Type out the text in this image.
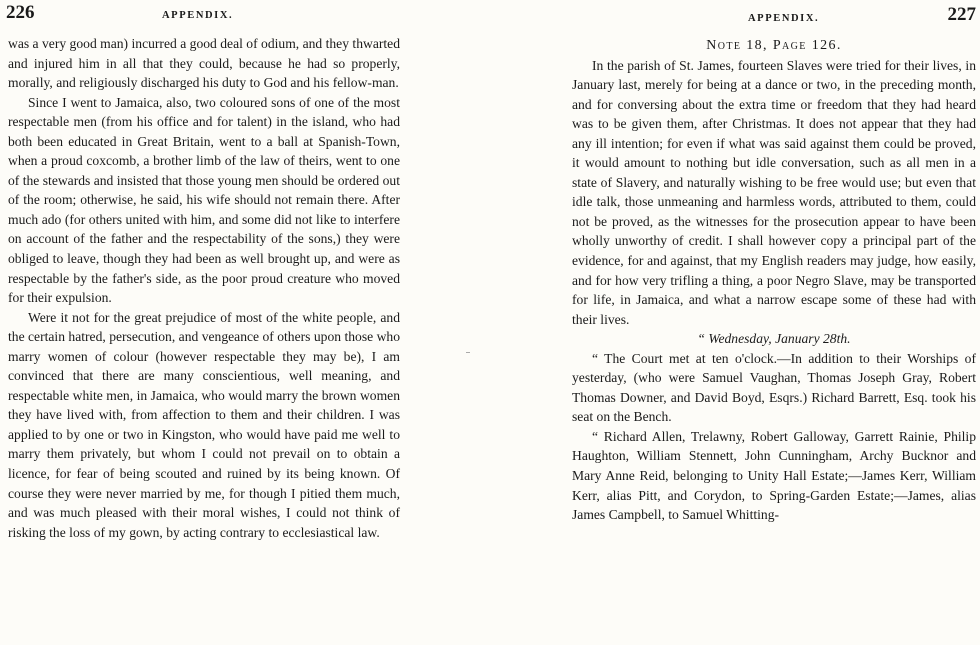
226	APPENDIX.

was a very good man) incurred a good deal of odium, and they thwarted and injured him in all that they could, because he had so properly, morally, and religiously discharged his duty to God and his fellow-man.

Since I went to Jamaica, also, two coloured sons of one of the most respectable men (from his office and for talent) in the island, who had both been educated in Great Britain, went to a ball at Spanish-Town, when a proud coxcomb, a brother limb of the law of theirs, went to one of the stewards and insisted that those young men should be ordered out of the room; otherwise, he said, his wife should not remain there. After much ado (for others united with him, and some did not like to interfere on account of the father and the respectability of the sons,) they were obliged to leave, though they had been as well brought up, and were as respectable by the father's side, as the poor proud creature who moved for their expulsion.

Were it not for the great prejudice of most of the white people, and the certain hatred, persecution, and vengeance of others upon those who marry women of colour (however respectable they may be), I am convinced that there are many conscientious, well meaning, and respectable white men, in Jamaica, who would marry the brown women they have lived with, from affection to them and their children. I was applied to by one or two in Kingston, who would have paid me well to marry them privately, but whom I could not prevail on to obtain a licence, for fear of being scouted and ruined by its being known. Of course they were never married by me, for though I pitied them much, and was much pleased with their moral wishes, I could not think of risking the loss of my gown, by acting contrary to ecclesiastical law.

APPENDIX.	227

Note 18, Page 126.

In the parish of St. James, fourteen Slaves were tried for their lives, in January last, merely for being at a dance or two, in the preceding month, and for conversing about the extra time or freedom that they had heard was to be given them, after Christmas. It does not appear that they had any ill intention; for even if what was said against them could be proved, it would amount to nothing but idle conversation, such as all men in a state of Slavery, and naturally wishing to be free would use; but even that idle talk, those unmeaning and harmless words, attributed to them, could not be proved, as the witnesses for the prosecution appear to have been wholly unworthy of credit. I shall however copy a principal part of the evidence, for and against, that my English readers may judge, how easily, and for how very trifling a thing, a poor Negro Slave, may be transported for life, in Jamaica, and what a narrow escape some of these had with their lives.

“ Wednesday, January 28th.

“ The Court met at ten o'clock.—In addition to their Worships of yesterday, (who were Samuel Vaughan, Thomas Joseph Gray, Robert Thomas Downer, and David Boyd, Esqrs.) Richard Barrett, Esq. took his seat on the Bench.

“ Richard Allen, Trelawny, Robert Galloway, Garrett Rainie, Philip Haughton, William Stennett, John Cunningham, Archy Bucknor and Mary Anne Reid, belonging to Unity Hall Estate;—James Kerr, William Kerr, alias Pitt, and Corydon, to Spring-Garden Estate;—James, alias James Campbell, to Samuel Whitting-
